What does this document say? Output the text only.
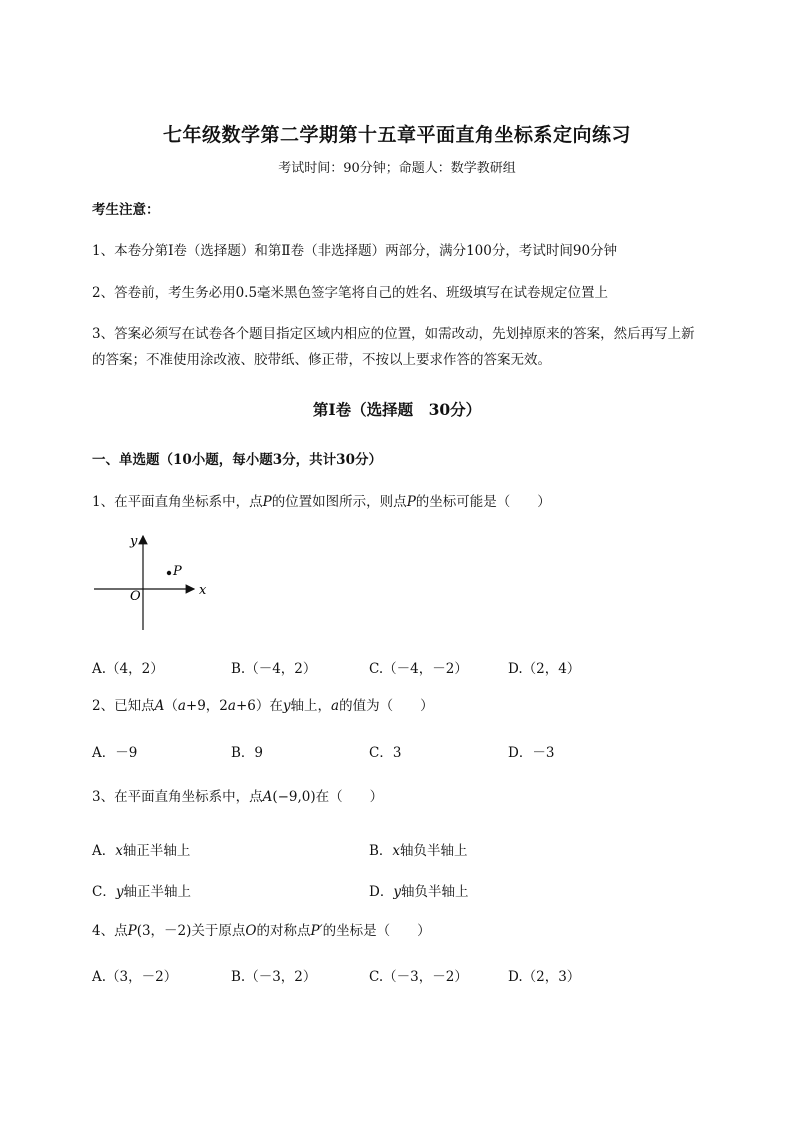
七年级数学第二学期第十五章平面直角坐标系定向练习
考试时间：90分钟；命题人：数学教研组
考生注意：
1、本卷分第I卷（选择题）和第Ⅱ卷（非选择题）两部分，满分100分，考试时间90分钟
2、答卷前，考生务必用0.5毫米黑色签字笔将自己的姓名、班级填写在试卷规定位置上
3、答案必须写在试卷各个题目指定区域内相应的位置，如需改动，先划掉原来的答案，然后再写上新
的答案；不准使用涂改液、胶带纸、修正带，不按以上要求作答的答案无效。
第I卷（选择题　30分）
一、单选题（10小题，每小题3分，共计30分）
1、在平面直角坐标系中，点P的位置如图所示，则点P的坐标可能是（　　）
P
y
x
O
A.（4，2）	B.（－4，2）	C.（－4，－2）	D.（2，4）
2、已知点A（a+9，2a+6）在y轴上，a的值为（　　）
A．－9	B．9	C．3	D．－3
3、在平面直角坐标系中，点A(−9,0)在（　　）
A．x轴正半轴上	B．x轴负半轴上
C．y轴正半轴上	D．y轴负半轴上
4、点P(3，－2)关于原点O的对称点P′的坐标是（　　）
A.（3，－2）	B.（－3，2）	C.（－3，－2）	D.（2，3）
